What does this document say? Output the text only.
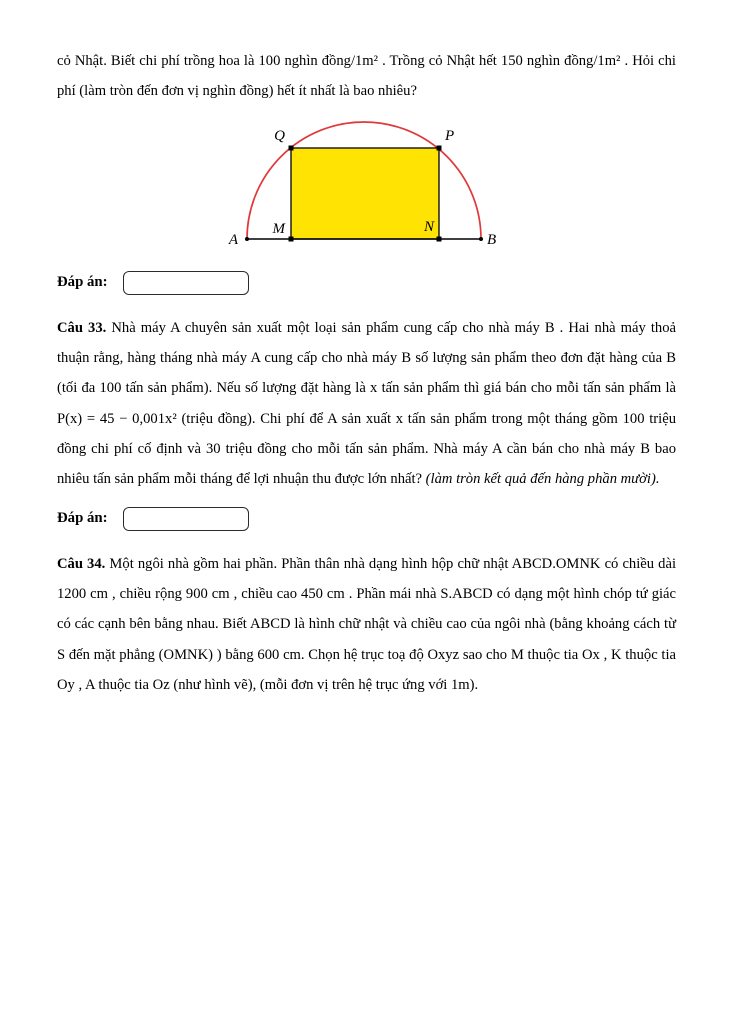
cỏ Nhật. Biết chi phí trồng hoa là 100 nghìn đồng/1m² . Trồng cỏ Nhật hết 150 nghìn đồng/1m² . Hỏi chi phí (làm tròn đến đơn vị nghìn đồng) hết ít nhất là bao nhiêu?

Q	P
A
M	N
B
Đáp án:

Câu 33. Nhà máy A chuyên sản xuất một loại sản phẩm cung cấp cho nhà máy B . Hai nhà máy thoả thuận rằng, hàng tháng nhà máy A cung cấp cho nhà máy B số lượng sản phẩm theo đơn đặt hàng của B (tối đa 100 tấn sản phẩm). Nếu số lượng đặt hàng là x tấn sản phẩm thì giá bán cho mỗi tấn sản phẩm là P(x) = 45 − 0,001x² (triệu đồng). Chi phí để A sản xuất x tấn sản phẩm trong một tháng gồm 100 triệu đồng chi phí cố định và 30 triệu đồng cho mỗi tấn sản phẩm. Nhà máy A cần bán cho nhà máy B bao nhiêu tấn sản phẩm mỗi tháng để lợi nhuận thu được lớn nhất? (làm tròn kết quả đến hàng phần mười).

Đáp án:

Câu 34. Một ngôi nhà gồm hai phần. Phần thân nhà dạng hình hộp chữ nhật ABCD.OMNK có chiều dài 1200 cm , chiều rộng 900 cm , chiều cao 450 cm . Phần mái nhà S.ABCD có dạng một hình chóp tứ giác có các cạnh bên bằng nhau. Biết ABCD là hình chữ nhật và chiều cao của ngôi nhà (bằng khoảng cách từ S đến mặt phẳng (OMNK) ) bằng 600 cm. Chọn hệ trục toạ độ Oxyz sao cho M thuộc tia Ox , K thuộc tia Oy , A thuộc tia Oz (như hình vẽ), (mỗi đơn vị trên hệ trục ứng với 1m).
